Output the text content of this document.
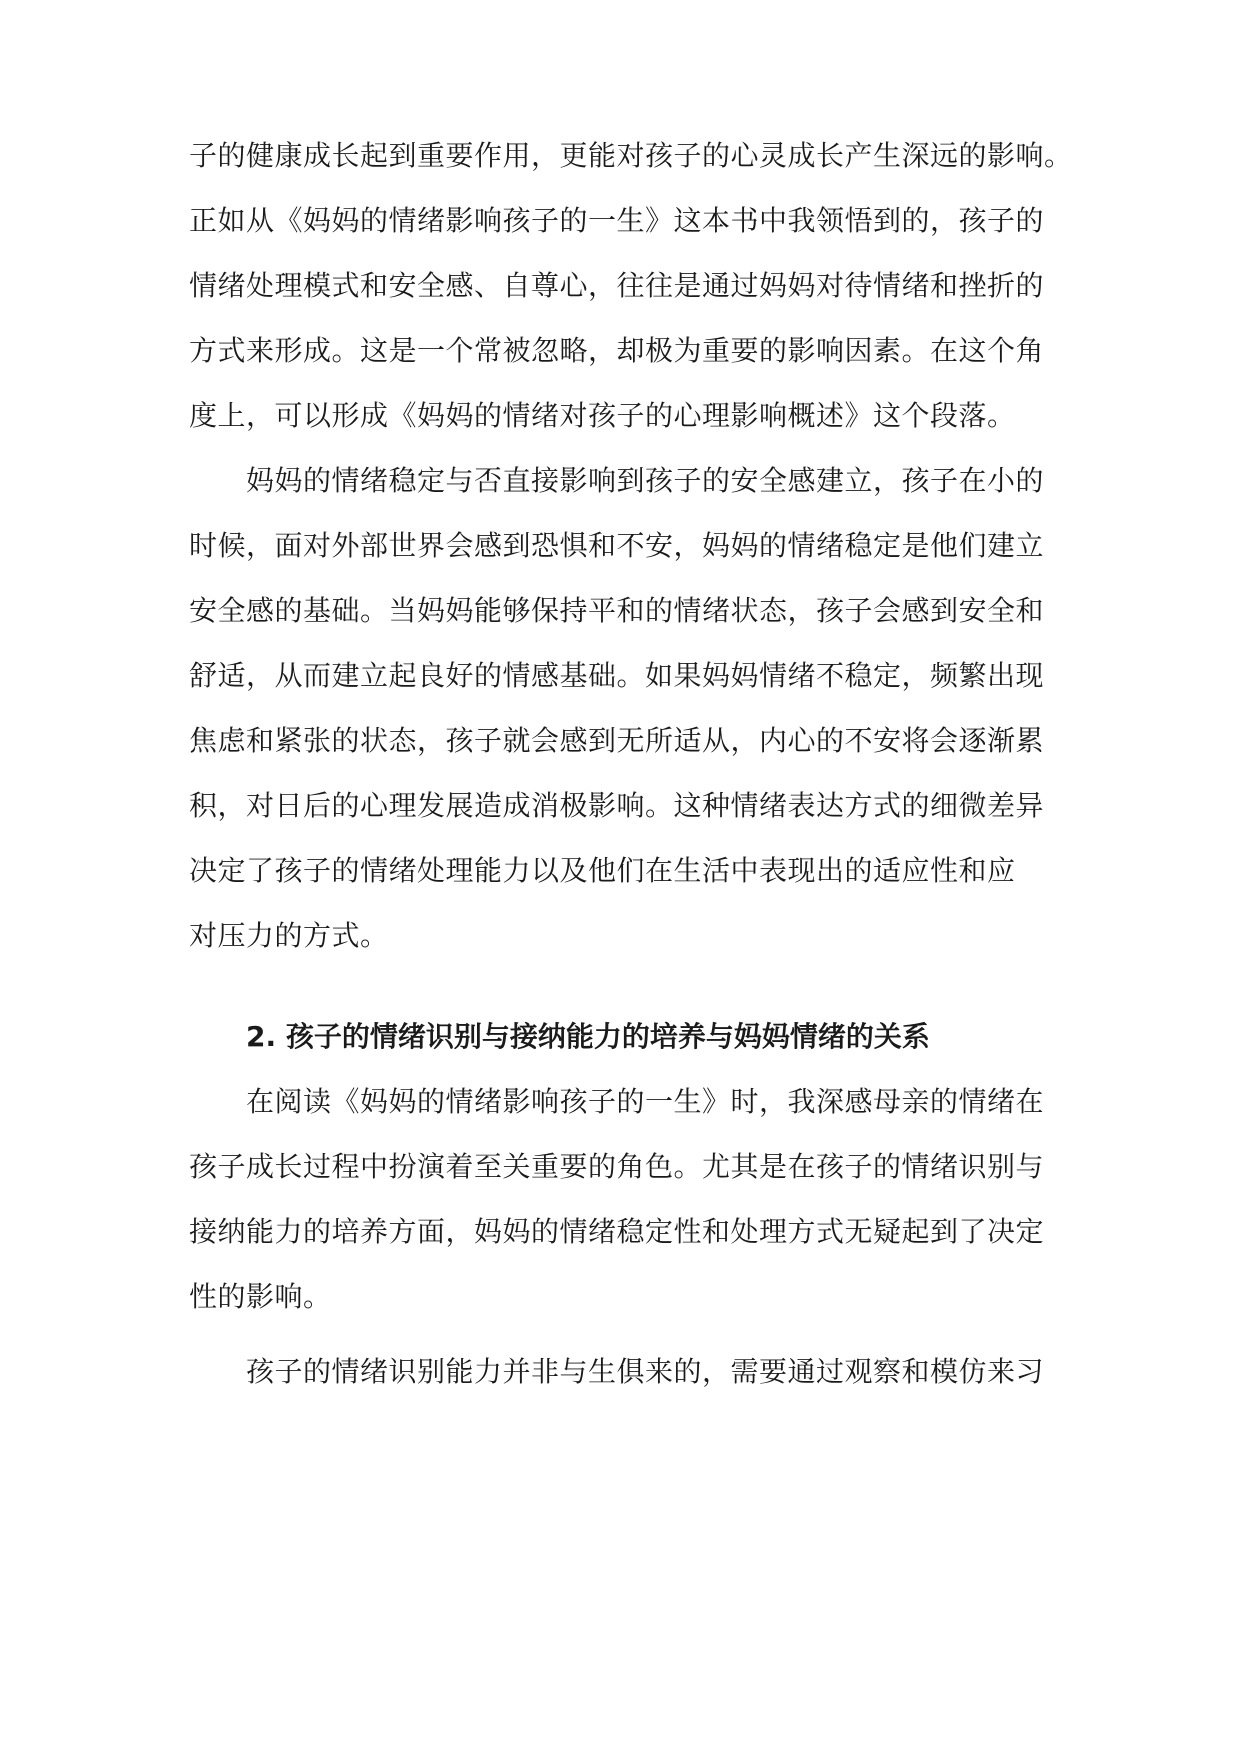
子的健康成长起到重要作用，更能对孩子的心灵成长产生深远的影响。
正如从《妈妈的情绪影响孩子的一生》这本书中我领悟到的，孩子的
情绪处理模式和安全感、自尊心，往往是通过妈妈对待情绪和挫折的
方式来形成。这是一个常被忽略，却极为重要的影响因素。在这个角
度上，可以形成《妈妈的情绪对孩子的心理影响概述》这个段落。
妈妈的情绪稳定与否直接影响到孩子的安全感建立，孩子在小的
时候，面对外部世界会感到恐惧和不安，妈妈的情绪稳定是他们建立
安全感的基础。当妈妈能够保持平和的情绪状态，孩子会感到安全和
舒适，从而建立起良好的情感基础。如果妈妈情绪不稳定，频繁出现
焦虑和紧张的状态，孩子就会感到无所适从，内心的不安将会逐渐累
积，对日后的心理发展造成消极影响。这种情绪表达方式的细微差异
决定了孩子的情绪处理能力以及他们在生活中表现出的适应性和应
对压力的方式。
2. 孩子的情绪识别与接纳能力的培养与妈妈情绪的关系
在阅读《妈妈的情绪影响孩子的一生》时，我深感母亲的情绪在
孩子成长过程中扮演着至关重要的角色。尤其是在孩子的情绪识别与
接纳能力的培养方面，妈妈的情绪稳定性和处理方式无疑起到了决定
性的影响。
孩子的情绪识别能力并非与生俱来的，需要通过观察和模仿来习
